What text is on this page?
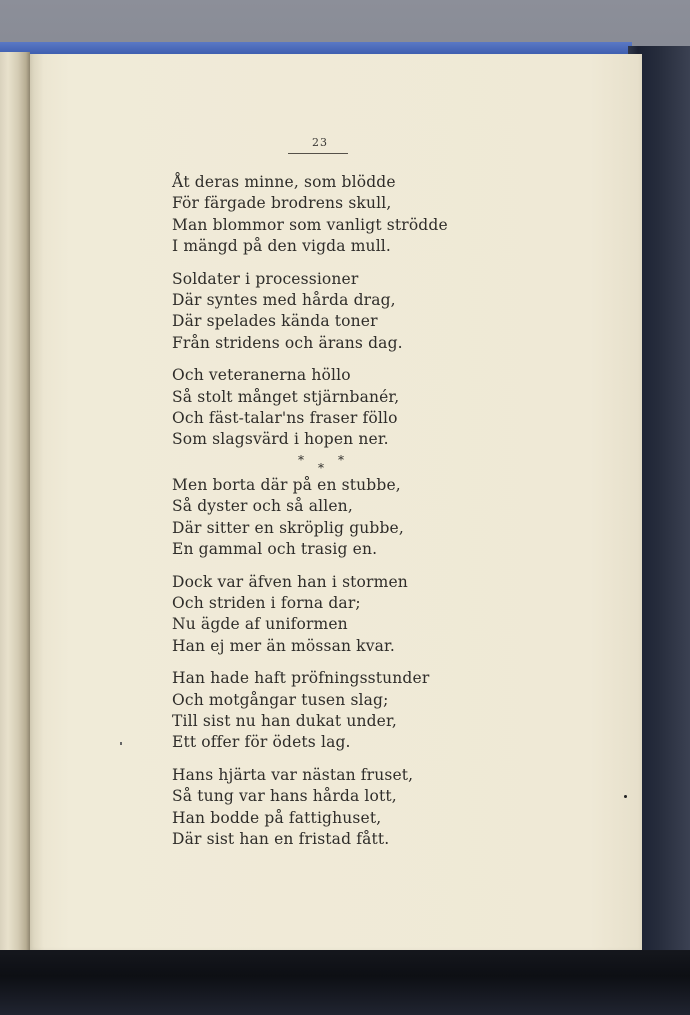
23
Åt deras minne, som blödde
För färgade brodrens skull,
Man blommor som vanligt strödde
I mängd på den vigda mull.
Soldater i processioner
Där syntes med hårda drag,
Där spelades kända toner
Från stridens och ärans dag.
Och veteranerna höllo
Så stolt månget stjärnbanér,
Och fäst-talar'ns fraser föllo
Som slagsvärd i hopen ner.
*
*
*
Men borta där på en stubbe,
Så dyster och så allen,
Där sitter en skröplig gubbe,
En gammal och trasig en.
Dock var äfven han i stormen
Och striden i forna dar;
Nu ägde af uniformen
Han ej mer än mössan kvar.
Han hade haft pröfningsstunder
Och motgångar tusen slag;
Till sist nu han dukat under,
Ett offer för ödets lag.
Hans hjärta var nästan fruset,
Så tung var hans hårda lott,
Han bodde på fattighuset,
Där sist han en fristad fått.
